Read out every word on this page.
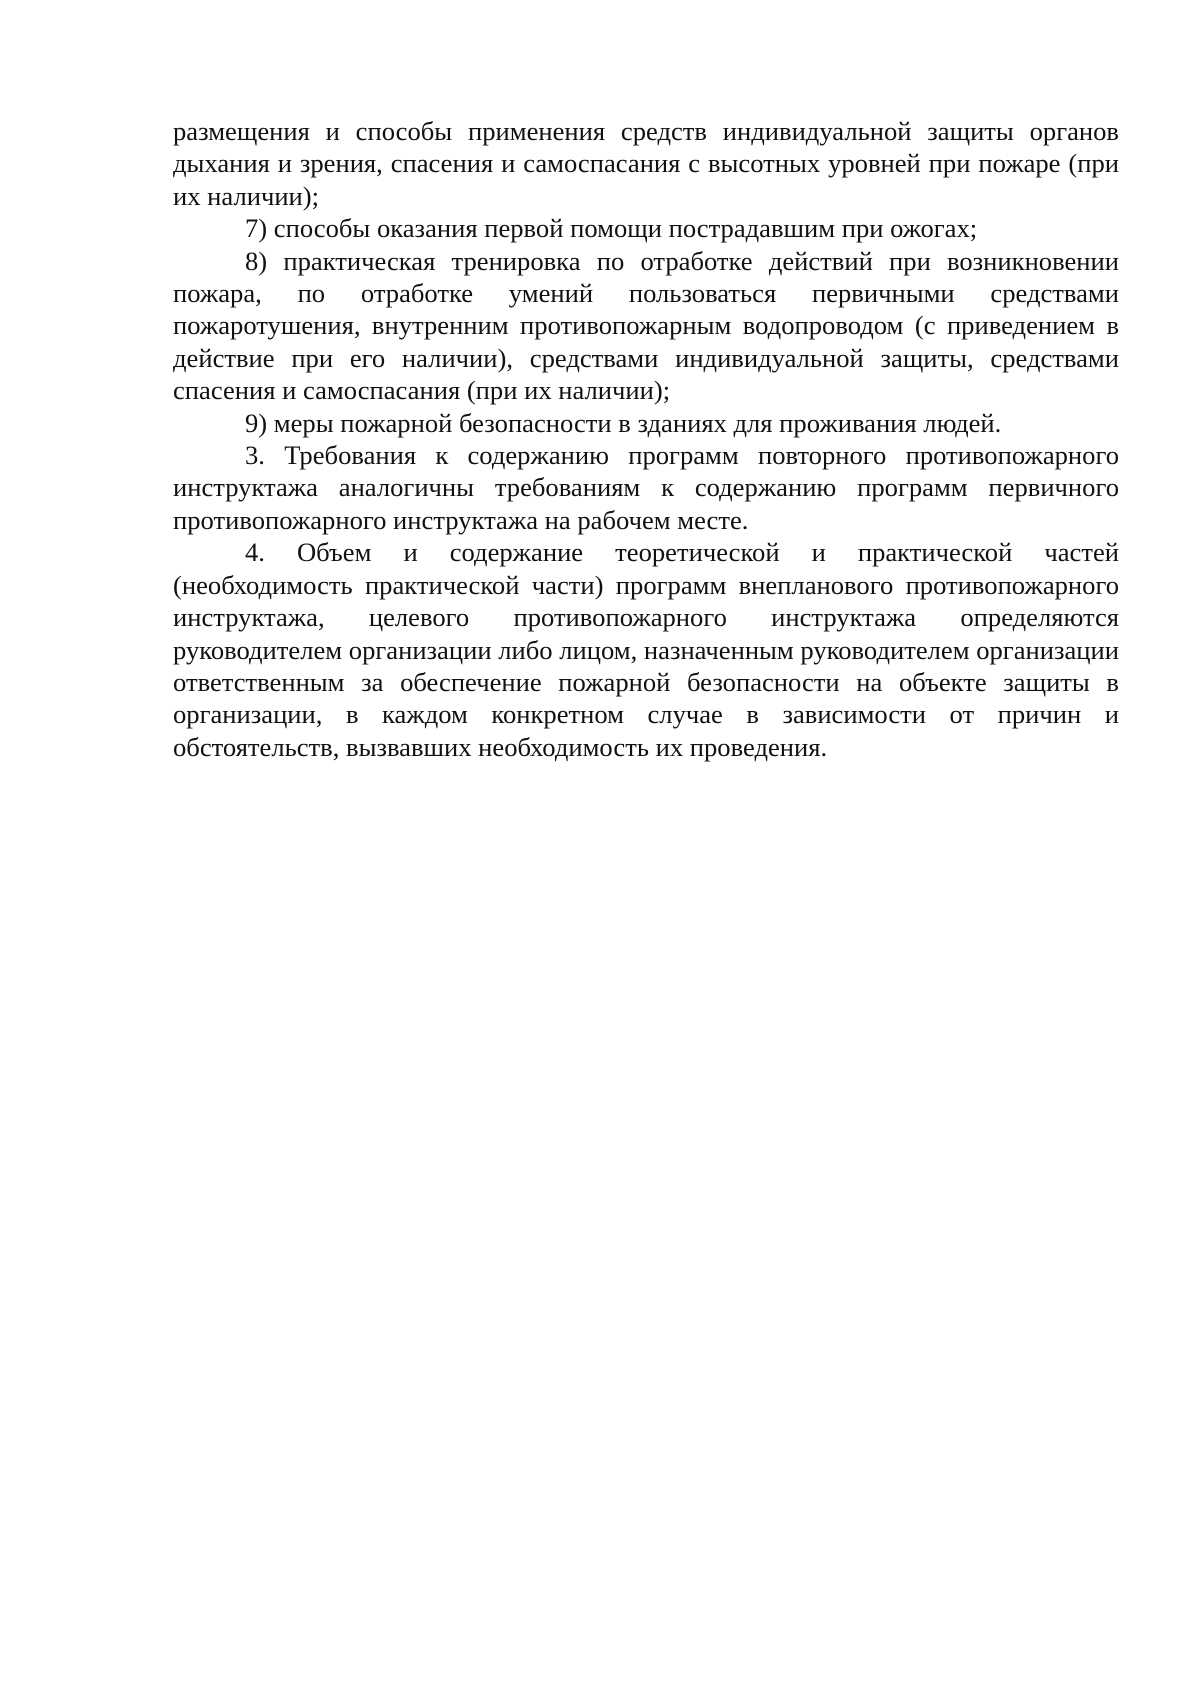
размещения и способы применения средств индивидуальной защиты органов дыхания и зрения, спасения и самоспасания с высотных уровней при пожаре (при их наличии);

7) способы оказания первой помощи пострадавшим при ожогах;

8) практическая тренировка по отработке действий при возникновении пожара, по отработке умений пользоваться первичными средствами пожаротушения, внутренним противопожарным водопроводом (с приведением в действие при его наличии), средствами индивидуальной защиты, средствами спасения и самоспасания (при их наличии);

9) меры пожарной безопасности в зданиях для проживания людей.

3. Требования к содержанию программ повторного противопожарного инструктажа аналогичны требованиям к содержанию программ первичного противопожарного инструктажа на рабочем месте.

4. Объем и содержание теоретической и практической частей (необходимость практической части) программ внепланового противопожарного инструктажа, целевого противопожарного инструктажа определяются руководителем организации либо лицом, назначенным руководителем организации ответственным за обеспечение пожарной безопасности на объекте защиты в организации, в каждом конкретном случае в зависимости от причин и обстоятельств, вызвавших необходимость их проведения.
